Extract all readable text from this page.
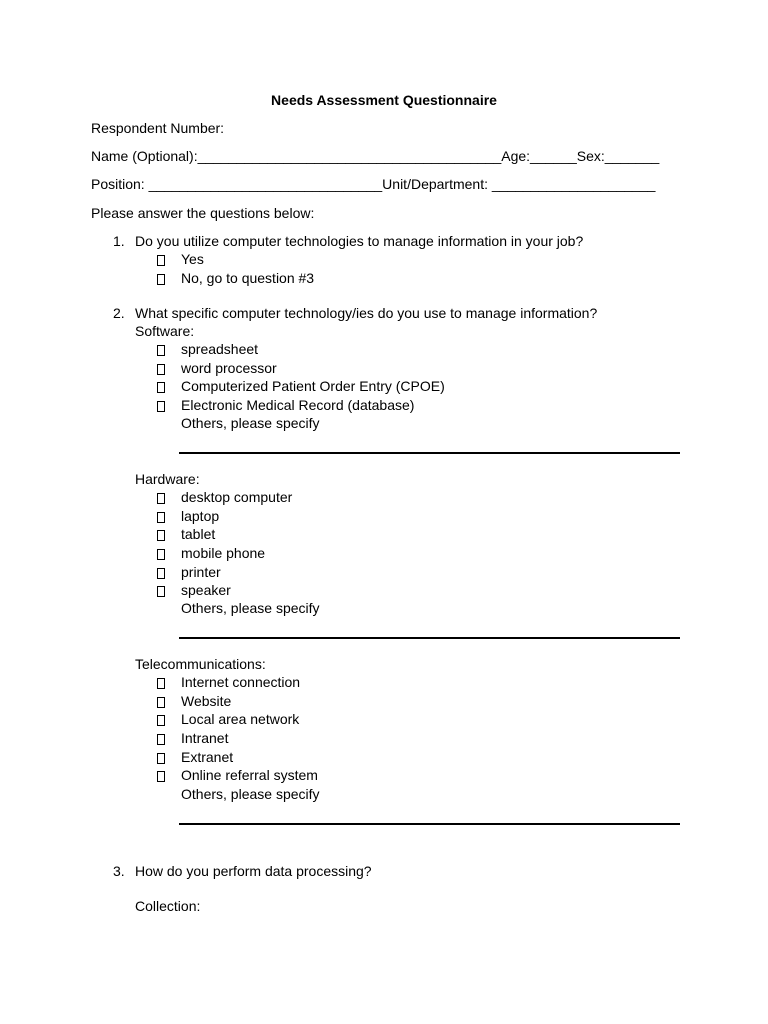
Needs Assessment Questionnaire
Respondent Number:
Name (Optional):_______________________________________Age:______Sex:_______
Position: ______________________________Unit/Department: _____________________
Please answer the questions below:
1. Do you utilize computer technologies to manage information in your job?
Yes
No, go to question #3
2. What specific computer technology/ies do you use to manage information?
Software:
spreadsheet
word processor
Computerized Patient Order Entry (CPOE)
Electronic Medical Record (database)
Others, please specify
Hardware:
desktop computer
laptop
tablet
mobile phone
printer
speaker
Others, please specify
Telecommunications:
Internet connection
Website
Local area network
Intranet
Extranet
Online referral system
Others, please specify
3. How do you perform data processing?
Collection:
